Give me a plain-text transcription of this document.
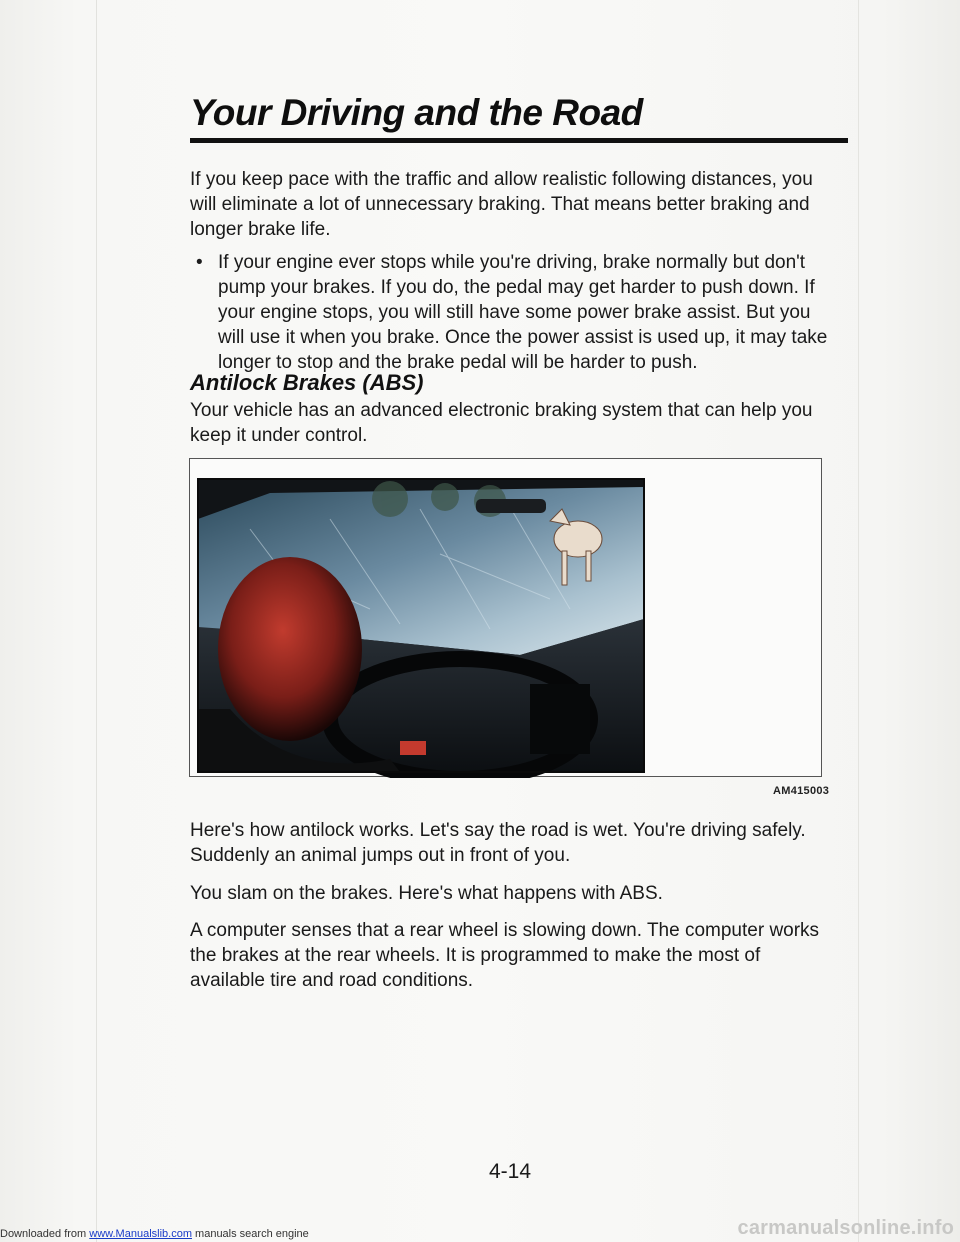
Your Driving and the Road

If you keep pace with the traffic and allow realistic following distances, you will eliminate a lot of unnecessary braking. That means better braking and longer brake life.

• If your engine ever stops while you're driving, brake normally but don't pump your brakes. If you do, the pedal may get harder to push down. If your engine stops, you will still have some power brake assist. But you will use it when you brake. Once the power assist is used up, it may take longer to stop and the brake pedal will be harder to push.

Antilock Brakes (ABS)

Your vehicle has an advanced electronic braking system that can help you keep it under control.

AM415003

Here's how antilock works. Let's say the road is wet. You're driving safely. Suddenly an animal jumps out in front of you.

You slam on the brakes. Here's what happens with ABS.

A computer senses that a rear wheel is slowing down. The computer works the brakes at the rear wheels. It is programmed to make the most of available tire and road conditions.

4-14
Downloaded from www.Manualslib.com manuals search engine	carmanualsonline.info
